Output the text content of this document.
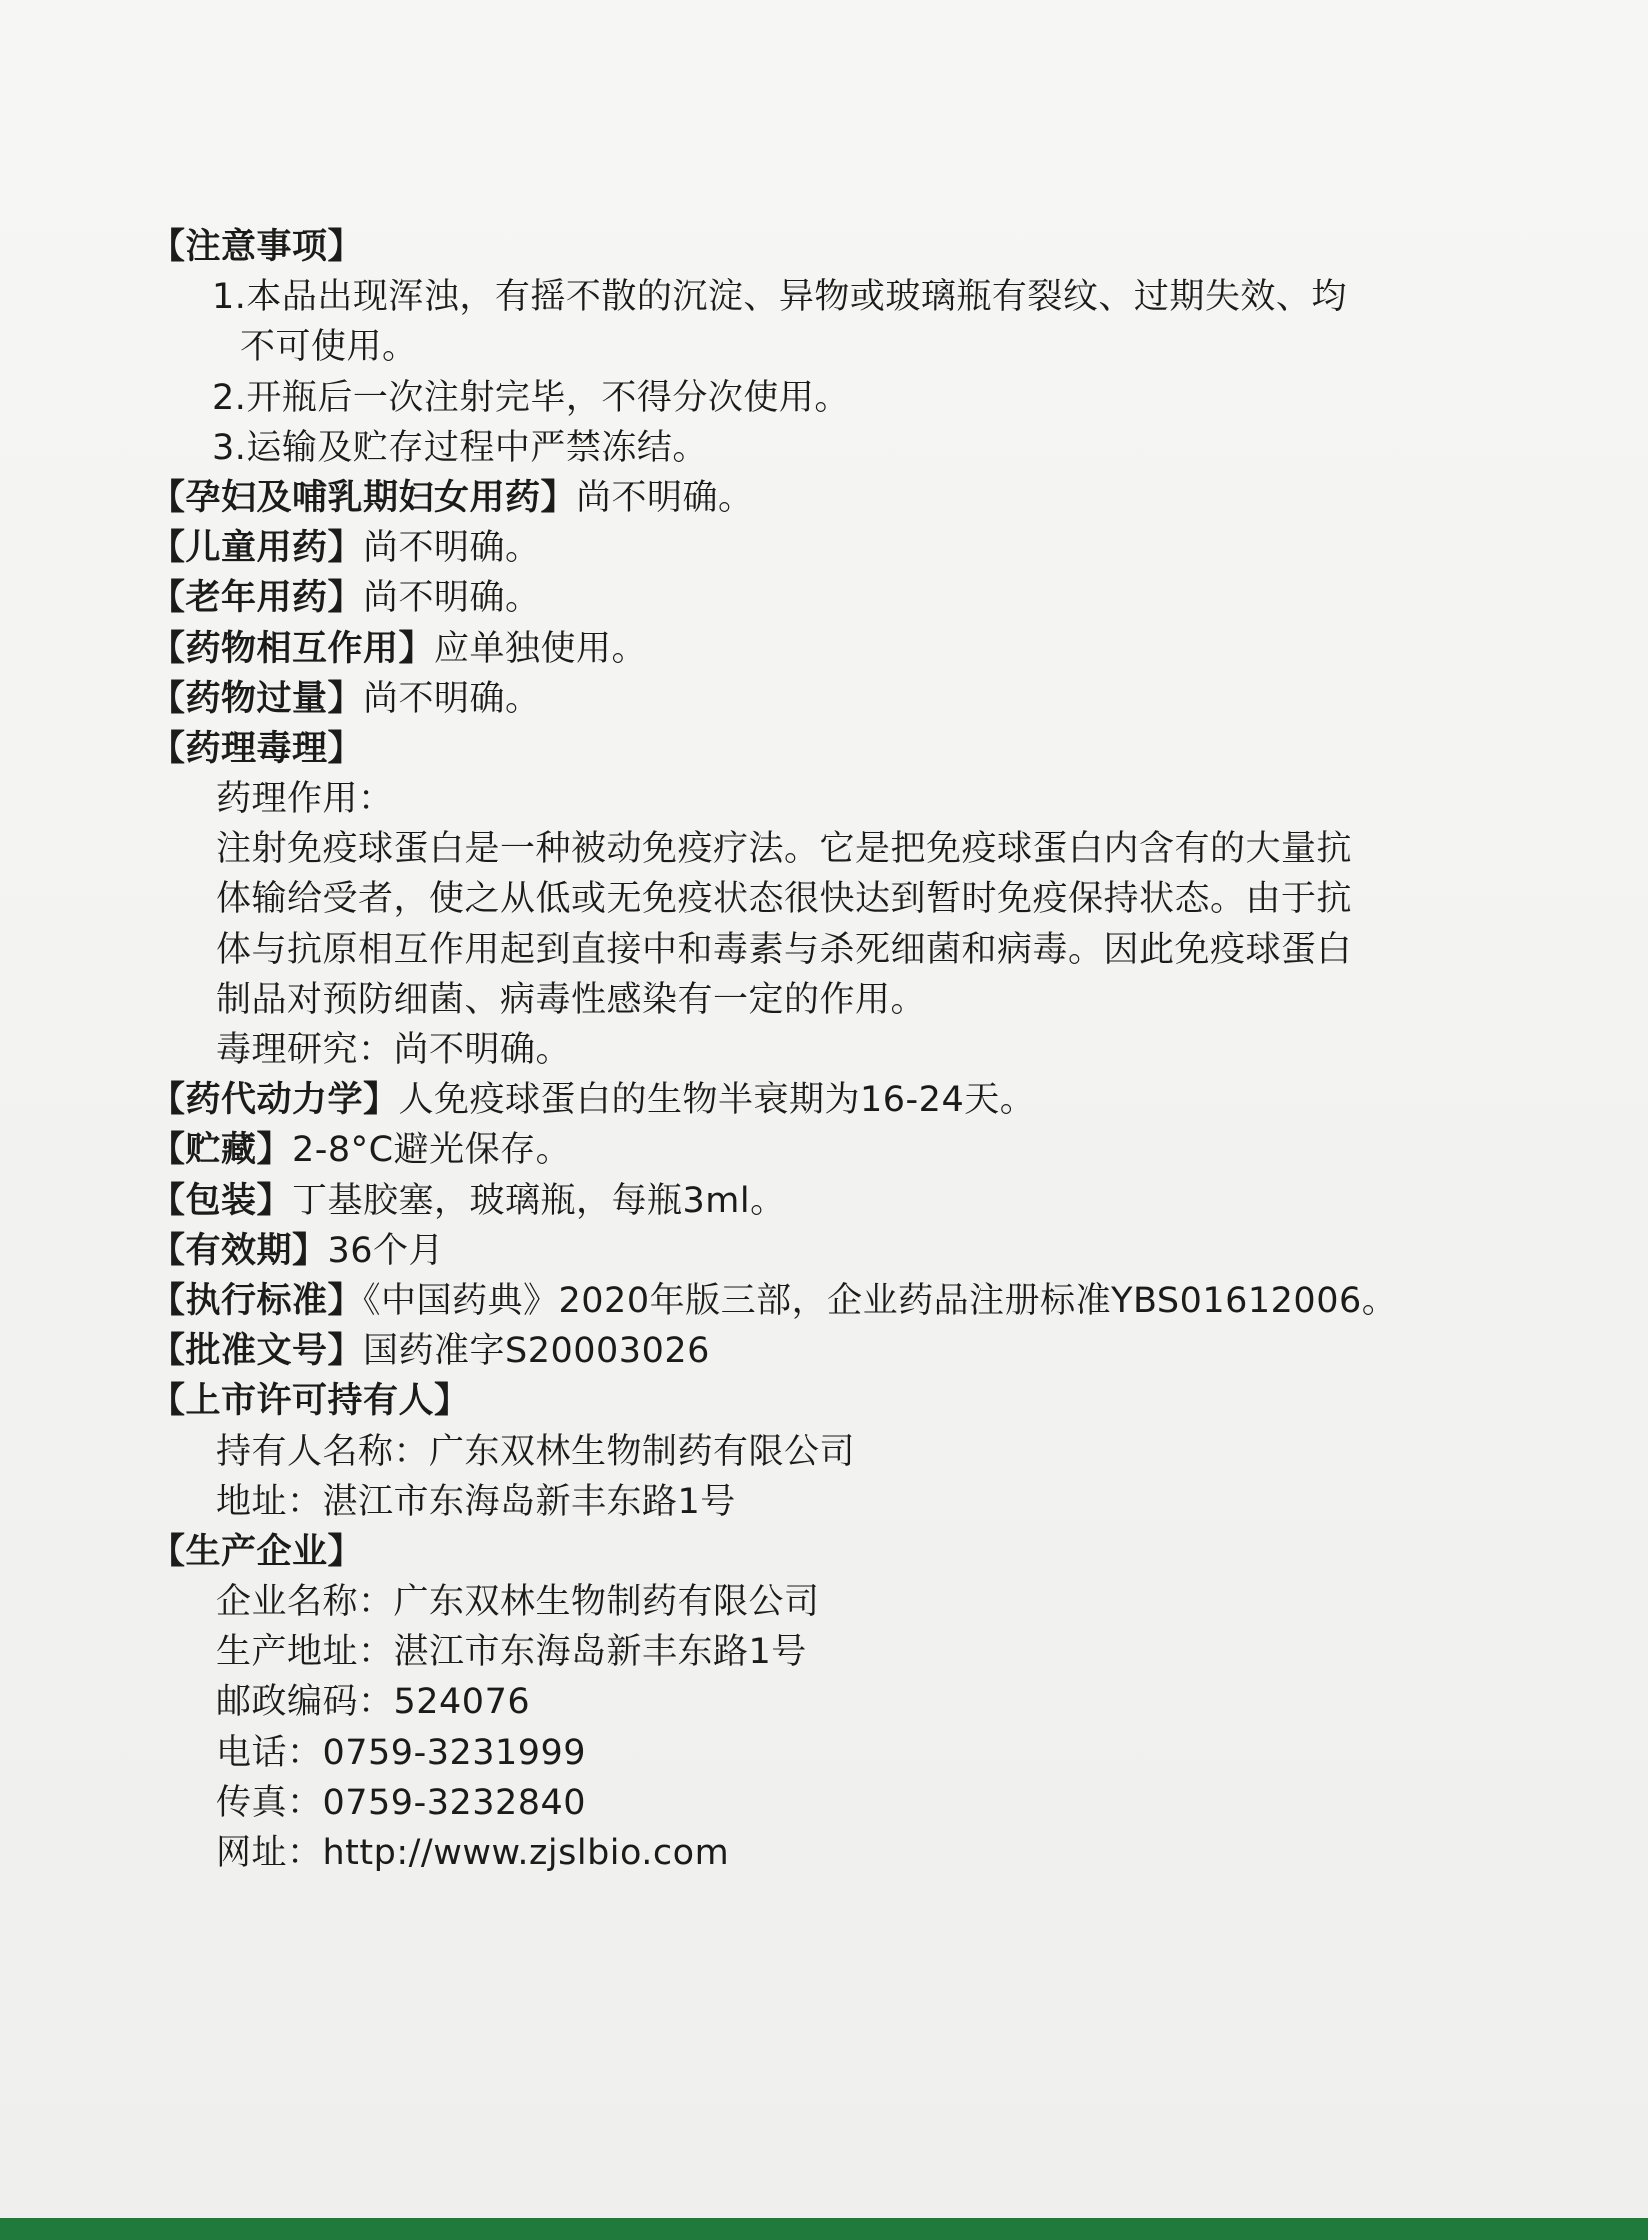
【注意事项】
1.本品出现浑浊，有摇不散的沉淀、异物或玻璃瓶有裂纹、过期失效、均
不可使用。
2.开瓶后一次注射完毕，不得分次使用。
3.运输及贮存过程中严禁冻结。
【孕妇及哺乳期妇女用药】尚不明确。
【儿童用药】尚不明确。
【老年用药】尚不明确。
【药物相互作用】应单独使用。
【药物过量】尚不明确。
【药理毒理】
药理作用：
注射免疫球蛋白是一种被动免疫疗法。它是把免疫球蛋白内含有的大量抗
体输给受者，使之从低或无免疫状态很快达到暂时免疫保持状态。由于抗
体与抗原相互作用起到直接中和毒素与杀死细菌和病毒。因此免疫球蛋白
制品对预防细菌、病毒性感染有一定的作用。
毒理研究：尚不明确。
【药代动力学】人免疫球蛋白的生物半衰期为16-24天。
【贮藏】2-8°C避光保存。
【包装】丁基胶塞，玻璃瓶，每瓶3ml。
【有效期】36个月
【执行标准】《中国药典》2020年版三部，企业药品注册标准YBS01612006。
【批准文号】国药准字S20003026
【上市许可持有人】
持有人名称：广东双林生物制药有限公司
地址：湛江市东海岛新丰东路1号
【生产企业】
企业名称：广东双林生物制药有限公司
生产地址：湛江市东海岛新丰东路1号
邮政编码：524076
电话：0759-3231999
传真：0759-3232840
网址：http://www.zjslbio.com
